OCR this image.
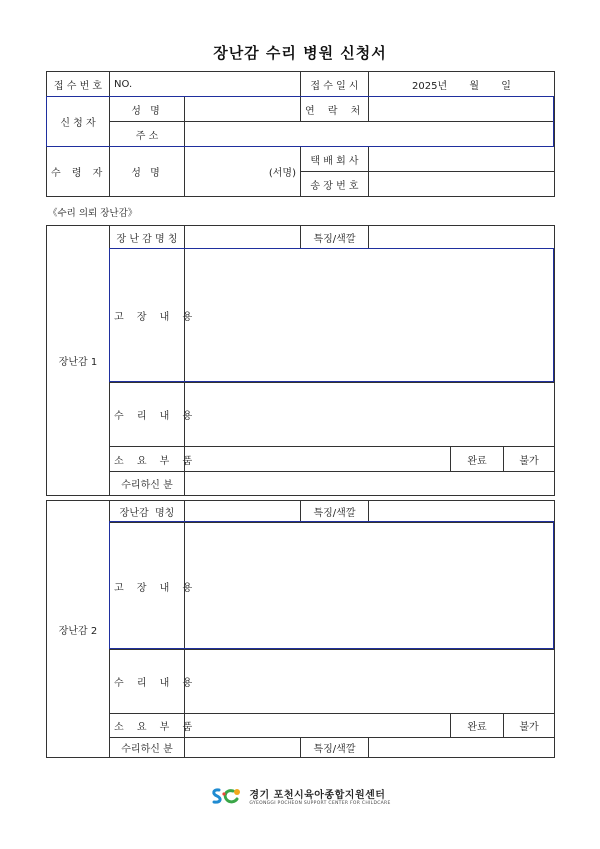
장난감 수리 병원 신청서
접 수 번 호	NO.		접 수 일 시	2025년       월       일
신 청 자	성 명		연 락 처	
	주 소			
수 령 자	성 명	(서명)	택 배 회 사	
			송 장 번 호	
《수리 의뢰 장난감》
장난감 1	장 난 감 명 칭		특징/색깔			
	고 장 내 용					
	수 리 내 용					
	소 요 부 품				완료	불가
	수리하신 분					
장난감 2	장난감  명칭		특징/색깔			
	고 장 내 용					
	수 리 내 용					
	소 요 부 품				완료	불가
	수리하신 분		특징/색깔			
경기 포천시육아종합지원센터
GYEONGGI POCHEON SUPPORT CENTER FOR CHILDCARE
